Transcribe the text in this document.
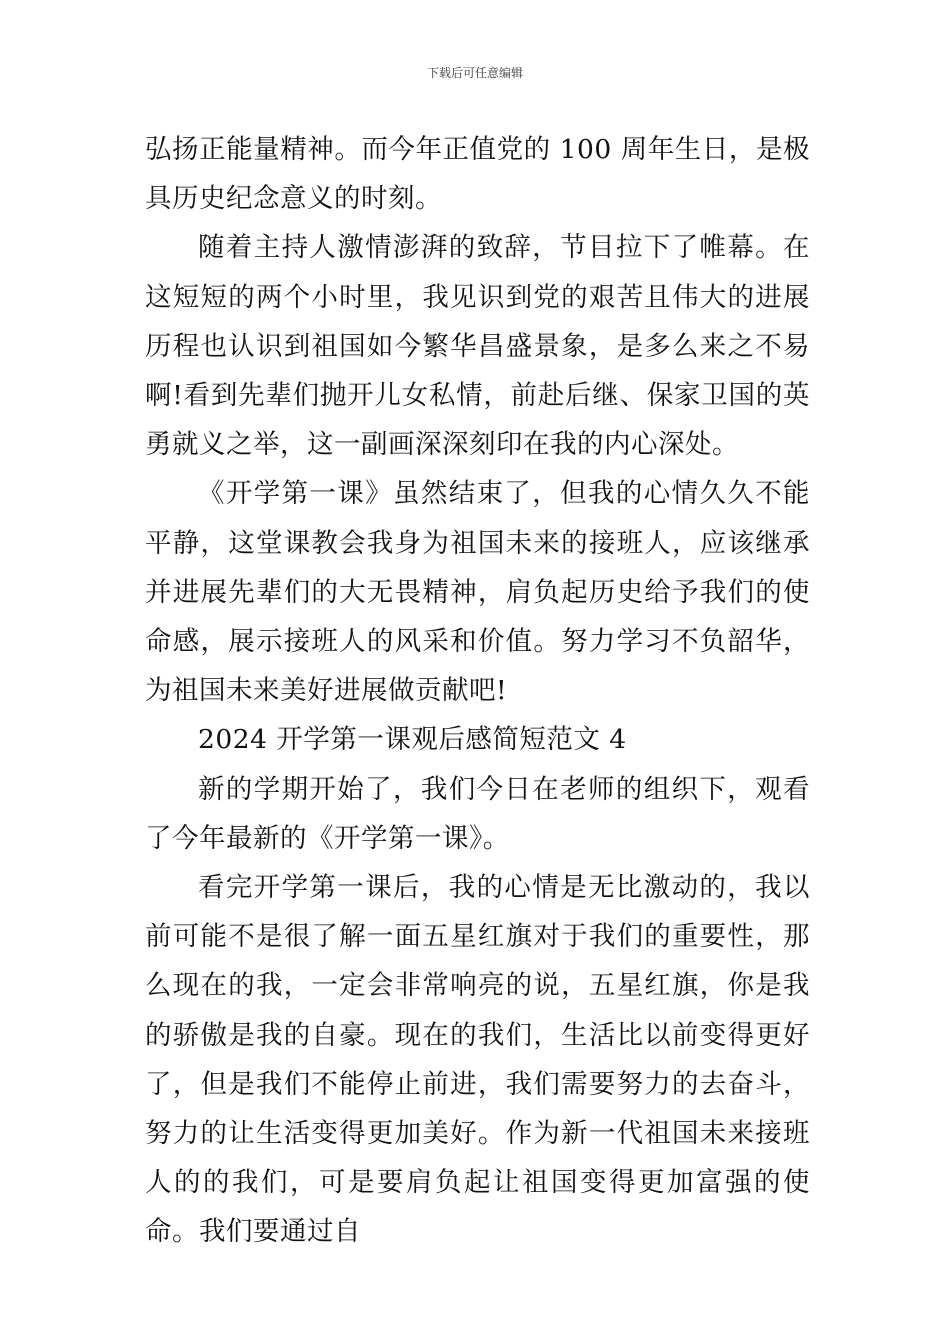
下载后可任意编辑

弘扬正能量精神。而今年正值党的 100 周年生日，是极具历史纪念意义的时刻。

随着主持人激情澎湃的致辞，节目拉下了帷幕。在这短短的两个小时里，我见识到党的艰苦且伟大的进展历程也认识到祖国如今繁华昌盛景象，是多么来之不易啊!看到先辈们抛开儿女私情，前赴后继、保家卫国的英勇就义之举，这一副画深深刻印在我的内心深处。

《开学第一课》虽然结束了，但我的心情久久不能平静，这堂课教会我身为祖国未来的接班人，应该继承并进展先辈们的大无畏精神，肩负起历史给予我们的使命感，展示接班人的风采和价值。努力学习不负韶华，为祖国未来美好进展做贡献吧!

2024 开学第一课观后感简短范文 4

新的学期开始了，我们今日在老师的组织下，观看了今年最新的《开学第一课》。

看完开学第一课后，我的心情是无比激动的，我以前可能不是很了解一面五星红旗对于我们的重要性，那么现在的我，一定会非常响亮的说，五星红旗，你是我的骄傲是我的自豪。现在的我们，生活比以前变得更好了，但是我们不能停止前进，我们需要努力的去奋斗，努力的让生活变得更加美好。作为新一代祖国未来接班人的的我们，可是要肩负起让祖国变得更加富强的使命。我们要通过自
